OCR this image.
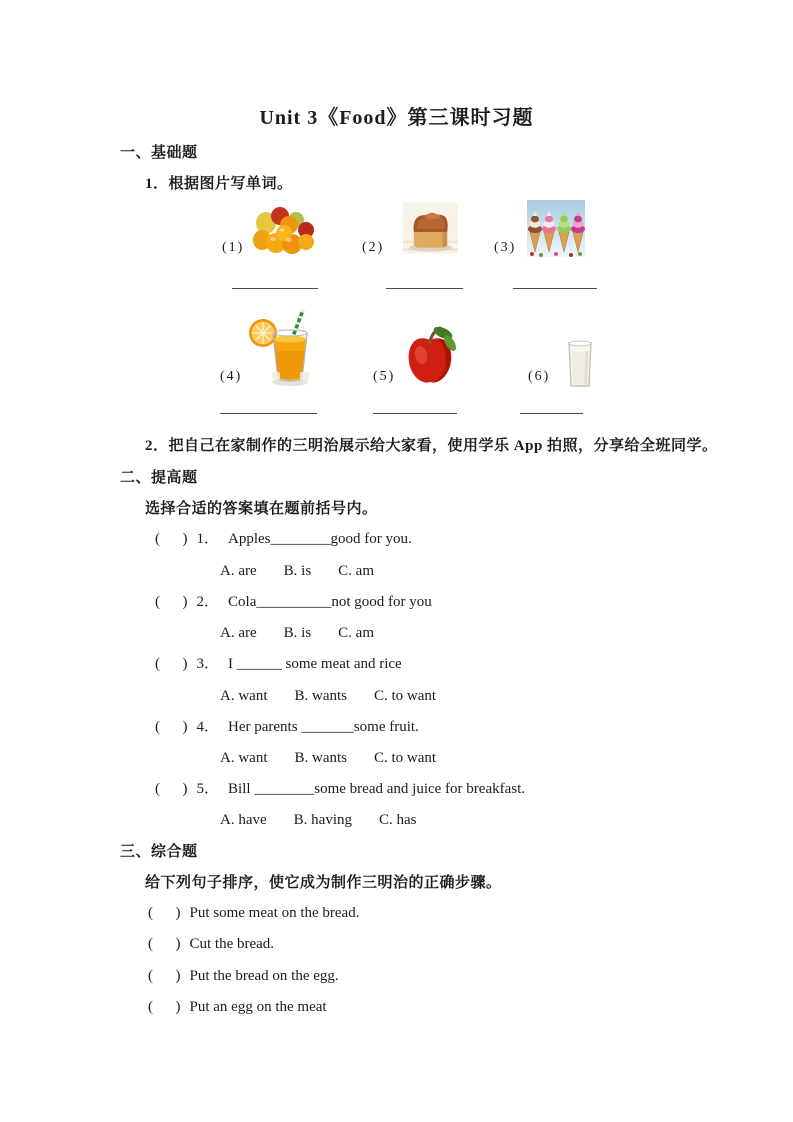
Unit 3《Food》第三课时习题
一、基础题
1．根据图片写单词。
(1)	(2)	(3)
(4)	(5)	(6)
2．把自己在家制作的三明治展示给大家看，使用学乐 App 拍照，分享给全班同学。
二、提高题
选择合适的答案填在题前括号内。
(      ) 1． Apples________good for you.
A. are B. is C. am
(      ) 2． Cola__________not good for you
A. are B. is C. am
(      ) 3． I ______ some meat and rice
A. want B. wants C. to want
(      ) 4． Her parents _______some fruit.
A. want B. wants C. to want
(      ) 5． Bill ________some bread and juice for breakfast.
A. have B. having C. has
三、综合题
给下列句子排序，使它成为制作三明治的正确步骤。
(      ) Put some meat on the bread.
(      ) Cut the bread.
(      ) Put the bread on the egg.
(      ) Put an egg on the meat
